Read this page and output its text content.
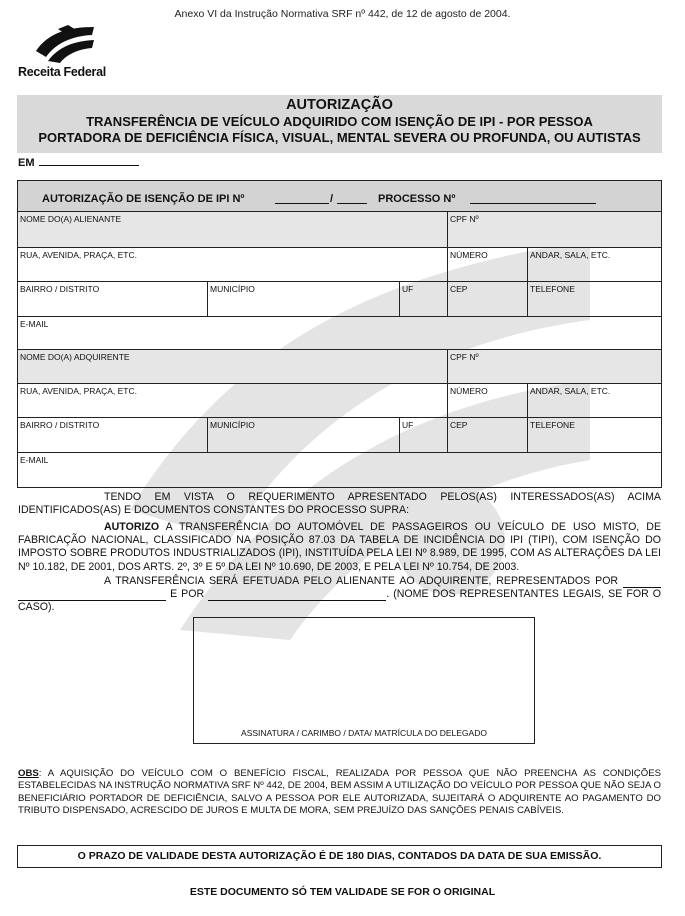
Anexo VI da Instrução Normativa SRF nº 442, de 12 de agosto de 2004.
Receita Federal
AUTORIZAÇÃO
TRANSFERÊNCIA DE VEÍCULO ADQUIRIDO COM ISENÇÃO DE IPI - POR PESSOA
PORTADORA DE DEFICIÊNCIA FÍSICA, VISUAL, MENTAL SEVERA OU PROFUNDA, OU AUTISTAS
EM
AUTORIZAÇÃO DE ISENÇÃO DE IPI Nº	/	PROCESSO Nº
NOME DO(A) ALIENANTE	CPF Nº
RUA, AVENIDA, PRAÇA, ETC.	NÚMERO	ANDAR, SALA, ETC.
BAIRRO / DISTRITO	MUNICÍPIO	UF	CEP	TELEFONE
E-MAIL
NOME DO(A) ADQUIRENTE	CPF Nº
RUA, AVENIDA, PRAÇA, ETC.	NÚMERO	ANDAR, SALA, ETC.
BAIRRO / DISTRITO	MUNICÍPIO	UF	CEP	TELEFONE
E-MAIL
TENDO EM VISTA O REQUERIMENTO APRESENTADO PELOS(AS) INTERESSADOS(AS) ACIMA IDENTIFICADOS(AS) E DOCUMENTOS CONSTANTES DO PROCESSO SUPRA:
AUTORIZO A TRANSFERÊNCIA DO AUTOMÓVEL DE PASSAGEIROS OU VEÍCULO DE USO MISTO, DE FABRICAÇÃO NACIONAL, CLASSIFICADO NA POSIÇÃO 87.03 DA TABELA DE INCIDÊNCIA DO IPI (TIPI), COM ISENÇÃO DO IMPOSTO SOBRE PRODUTOS INDUSTRIALIZADOS (IPI), INSTITUÍDA PELA LEI Nº 8.989, DE 1995, COM AS ALTERAÇÕES DA LEI Nº 10.182, DE 2001, DOS ARTS. 2º, 3º E 5º DA LEI Nº 10.690, DE 2003, E PELA LEI Nº 10.754, DE 2003.
A TRANSFERÊNCIA SERÁ EFETUADA PELO ALIENANTE AO ADQUIRENTE, REPRESENTADOS POR   E POR	. (NOME DOS REPRESENTANTES LEGAIS, SE FOR O CASO).
ASSINATURA / CARIMBO / DATA/ MATRÍCULA DO DELEGADO
OBS: A AQUISIÇÃO DO VEÍCULO COM O BENEFÍCIO FISCAL, REALIZADA POR PESSOA QUE NÃO PREENCHA AS CONDIÇÕES ESTABELECIDAS NA INSTRUÇÃO NORMATIVA SRF Nº 442, DE 2004, BEM ASSIM A UTILIZAÇÃO DO VEÍCULO POR PESSOA QUE NÃO SEJA O BENEFICIÁRIO PORTADOR DE DEFICIÊNCIA, SALVO A PESSOA POR ELE AUTORIZADA, SUJEITARÁ O ADQUIRENTE AO PAGAMENTO DO TRIBUTO DISPENSADO, ACRESCIDO DE JUROS E MULTA DE MORA, SEM PREJUÍZO DAS SANÇÕES PENAIS CABÍVEIS.
O PRAZO DE VALIDADE DESTA AUTORIZAÇÃO É DE 180 DIAS, CONTADOS DA DATA DE SUA EMISSÃO.
ESTE DOCUMENTO SÓ TEM VALIDADE SE FOR O ORIGINAL
